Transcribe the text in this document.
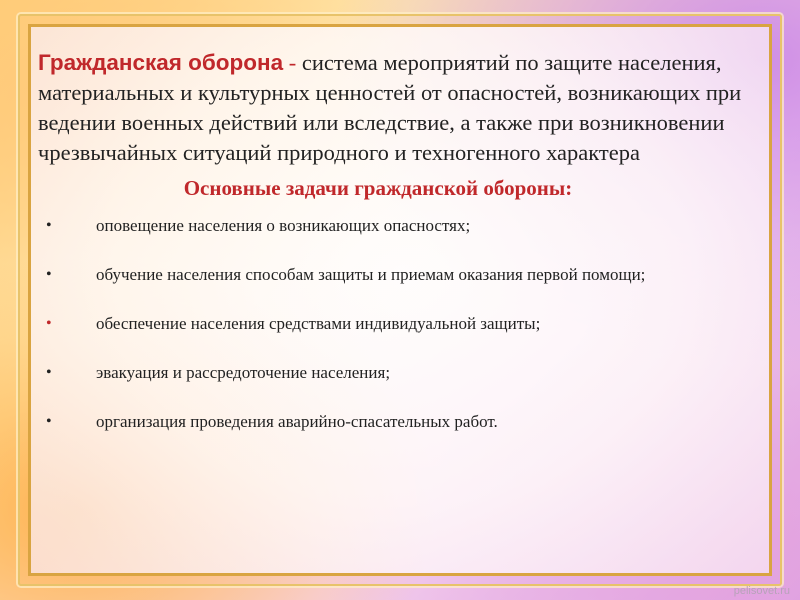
Гражданская оборона - система мероприятий по защите населения, материальных и культурных ценностей от опасностей, возникающих при ведении военных действий или вследствие, а также при возникновении чрезвычайных ситуаций природного и техногенного характера

Основные задачи гражданской обороны:
•	оповещение населения о возникающих опасностях;
•	обучение населения способам защиты и приемам оказания первой помощи;
•	обеспечение населения средствами индивидуальной защиты;
•	эвакуация и рассредоточение населения;
•	организация проведения аварийно-спасательных работ.
pelisovet.ru
